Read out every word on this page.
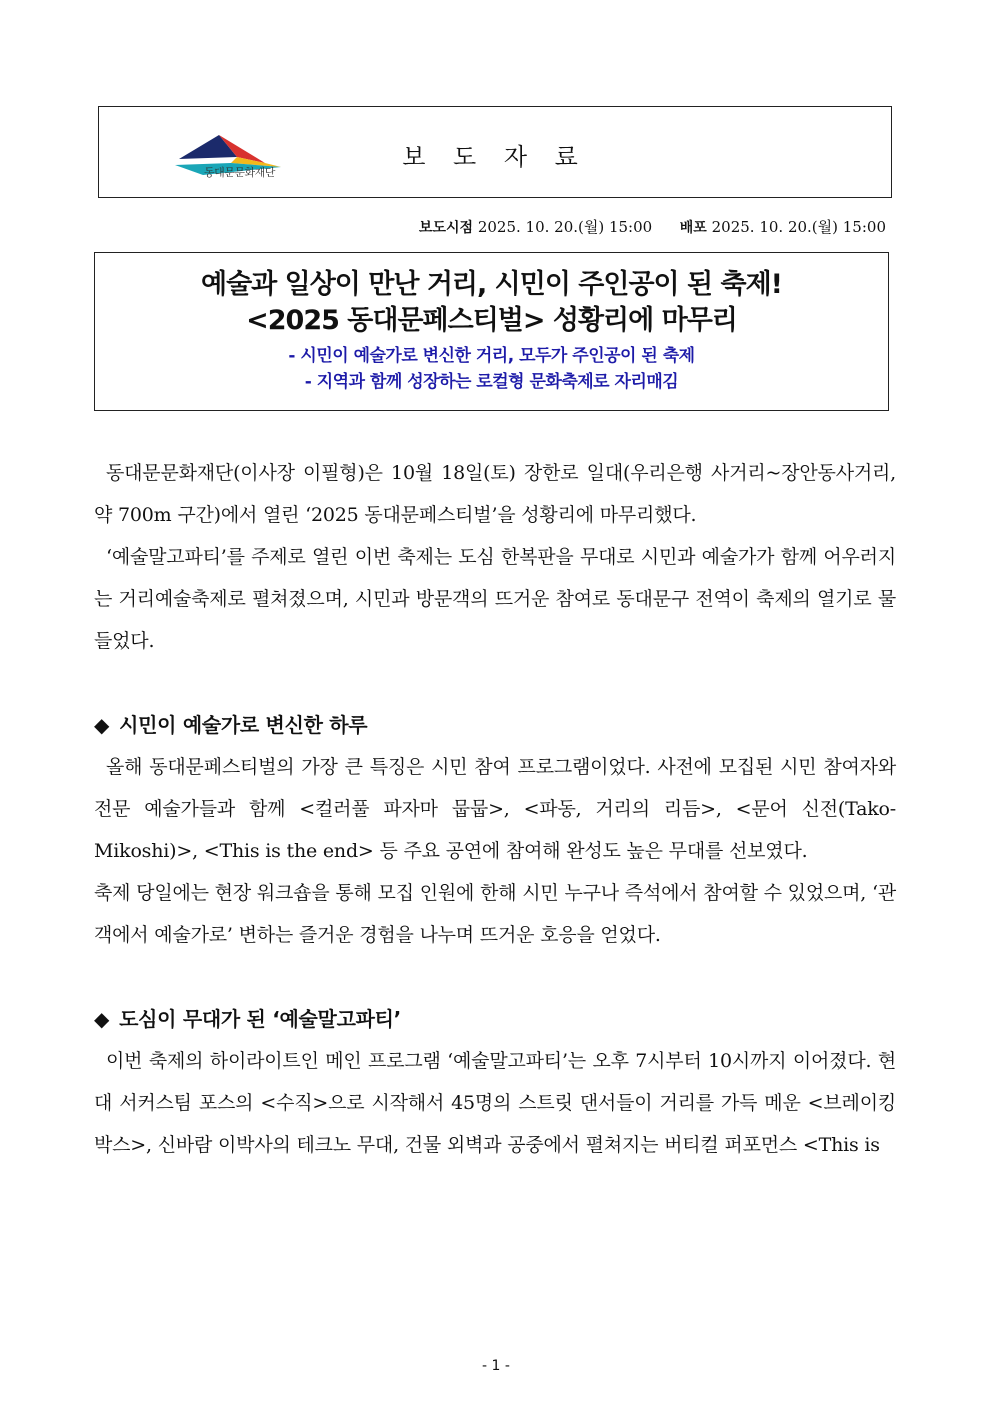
동대문문화재단
보 도 자 료
보도시점 2025. 10. 20.(월) 15:00 배포 2025. 10. 20.(월) 15:00
예술과 일상이 만난 거리, 시민이 주인공이 된 축제!
<2025 동대문페스티벌> 성황리에 마무리
- 시민이 예술가로 변신한 거리, 모두가 주인공이 된 축제
- 지역과 함께 성장하는 로컬형 문화축제로 자리매김

동대문문화재단(이사장 이필형)은 10월 18일(토) 장한로 일대(우리은행 사거리~장안동사거리, 약 700m 구간)에서 열린 ‘2025 동대문페스티벌’을 성황리에 마무리했다.

‘예술말고파티’를 주제로 열린 이번 축제는 도심 한복판을 무대로 시민과 예술가가 함께 어우러지는 거리예술축제로 펼쳐졌으며, 시민과 방문객의 뜨거운 참여로 동대문구 전역이 축제의 열기로 물들었다.

◆ 시민이 예술가로 변신한 하루

올해 동대문페스티벌의 가장 큰 특징은 시민 참여 프로그램이었다. 사전에 모집된 시민 참여자와 전문 예술가들과 함께 <컬러풀 파자마 뭅뭅>, <파동, 거리의 리듬>, <문어 신전(Tako-Mikoshi)>, <This is the end> 등 주요 공연에 참여해 완성도 높은 무대를 선보였다.

축제 당일에는 현장 워크숍을 통해 모집 인원에 한해 시민 누구나 즉석에서 참여할 수 있었으며, ‘관객에서 예술가로’ 변하는 즐거운 경험을 나누며 뜨거운 호응을 얻었다.

◆ 도심이 무대가 된 ‘예술말고파티’

이번 축제의 하이라이트인 메인 프로그램 ‘예술말고파티’는 오후 7시부터 10시까지 이어졌다. 현대 서커스팀 포스의 <수직>으로 시작해서 45명의 스트릿 댄서들이 거리를 가득 메운 <브레이킹 박스>, 신바람 이박사의 테크노 무대, 건물 외벽과 공중에서 펼쳐지는 버티컬 퍼포먼스 <This is

- 1 -
